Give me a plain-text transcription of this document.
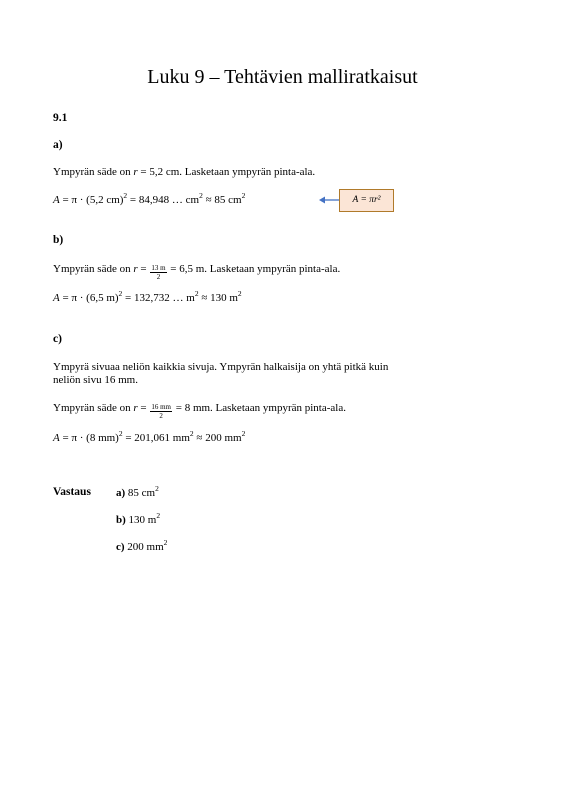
Luku 9 – Tehtävien malliratkaisut
9.1
a)
Ympyrän säde on r = 5,2 cm. Lasketaan ympyrän pinta-ala.
A = π · (5,2 cm)$^2$ = 84,948 … $cm^2 \approx 85$ $cm^2$	A = πr²
b)
Ympyrän säde on $r = \frac{13 m}{2} = 6,5$ m. Lasketaan ympyrän pinta-ala.
A = π · (6,5 m)$^2$ = 132,732 … $m^2 \approx 130$ $m^2$
c)
Ympyrä sivuaa neliön kaikkia sivuja. Ympyrän halkaisija on yhtä pitkä kuin
neliön sivu 16 mm.
Ympyrän säde on $r = \frac{16 mm}{2} = 8$ mm. Lasketaan ympyrän pinta-ala.
A = π · (8 mm)$^2$ = 201,061 $mm^2 \approx 200$ $mm^2$
Vastaus a) 85 $cm^2$
b) 130 $m^2$
c) 200 $mm^2$
